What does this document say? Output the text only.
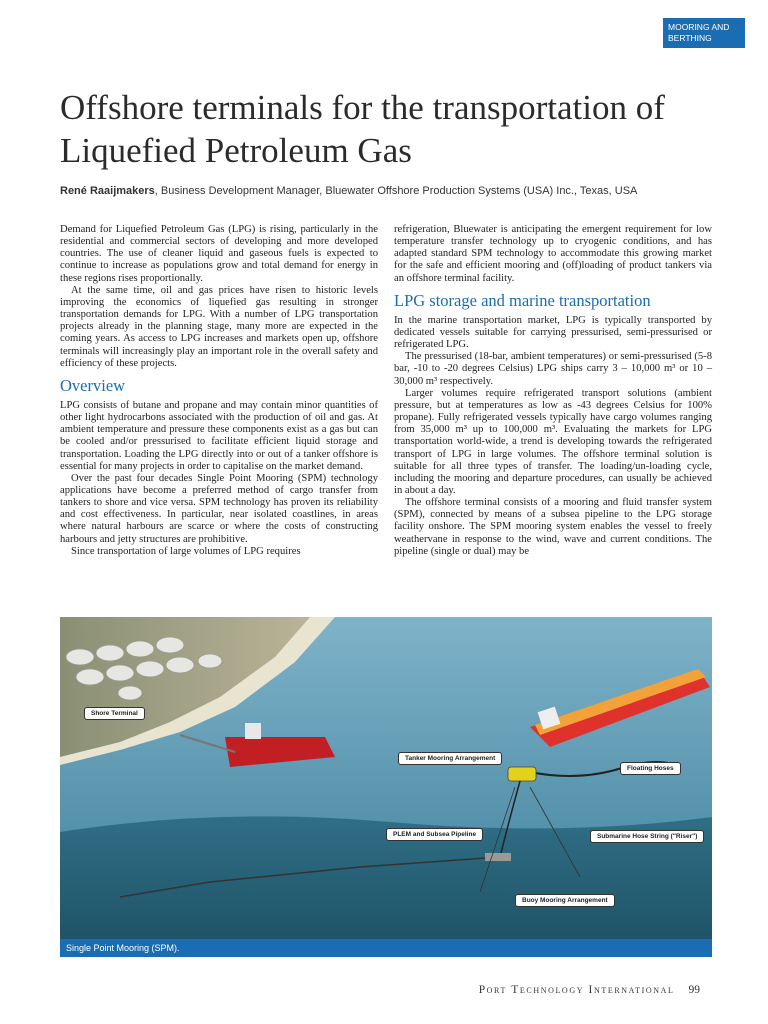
MOORING AND BERTHING
Offshore terminals for the transportation of Liquefied Petroleum Gas
René Raaijmakers, Business Development Manager, Bluewater Offshore Production Systems (USA) Inc., Texas, USA

Demand for Liquefied Petroleum Gas (LPG) is rising, particularly in the residential and commercial sectors of developing and more developed countries. The use of cleaner liquid and gaseous fuels is expected to continue to increase as populations grow and total demand for energy in these regions rises proportionally.

At the same time, oil and gas prices have risen to historic levels improving the economics of liquefied gas resulting in stronger transportation demands for LPG. With a number of LPG transportation projects already in the planning stage, many more are expected in the coming years. As access to LPG increases and markets open up, offshore terminals will increasingly play an important role in the overall safety and efficiency of these projects.

Overview

LPG consists of butane and propane and may contain minor quantities of other light hydrocarbons associated with the production of oil and gas. At ambient temperature and pressure these components exist as a gas but can be cooled and/or pressurised to facilitate efficient liquid storage and transportation. Loading the LPG directly into or out of a tanker offshore is essential for many projects in order to capitalise on the market demand.

Over the past four decades Single Point Mooring (SPM) technology applications have become a preferred method of cargo transfer from tankers to shore and vice versa. SPM technology has proven its reliability and cost effectiveness. In particular, near isolated coastlines, in areas where natural harbours are scarce or where the costs of constructing harbours and jetty structures are prohibitive.

Since transportation of large volumes of LPG requires

refrigeration, Bluewater is anticipating the emergent requirement for low temperature transfer technology up to cryogenic conditions, and has adapted standard SPM technology to accommodate this growing market for the safe and efficient mooring and (off)loading of product tankers via an offshore terminal facility.

LPG storage and marine transportation

In the marine transportation market, LPG is typically transported by dedicated vessels suitable for carrying pressurised, semi-pressurised or refrigerated LPG.

The pressurised (18-bar, ambient temperatures) or semi-pressurised (5-8 bar, -10 to -20 degrees Celsius) LPG ships carry 3 – 10,000 m³ or 10 – 30,000 m³ respectively.

Larger volumes require refrigerated transport solutions (ambient pressure, but at temperatures as low as -43 degrees Celsius for 100% propane). Fully refrigerated vessels typically have cargo volumes ranging from 35,000 m³ up to 100,000 m³. Evaluating the markets for LPG transportation world-wide, a trend is developing towards the refrigerated transport of LPG in large volumes. The offshore terminal solution is suitable for all three types of transfer. The loading/un-loading cycle, including the mooring and departure procedures, can usually be achieved in about a day.

The offshore terminal consists of a mooring and fluid transfer system (SPM), connected by means of a subsea pipeline to the LPG storage facility onshore. The SPM mooring system enables the vessel to freely weathervane in response to the wind, wave and current conditions. The pipeline (single or dual) may be

Shore Terminal
Tanker Mooring Arrangement
Floating Hoses
PLEM and Subsea Pipeline	Submarine Hose String ("Riser")
Buoy Mooring Arrangement
Single Point Mooring (SPM).
Port Technology International 99
